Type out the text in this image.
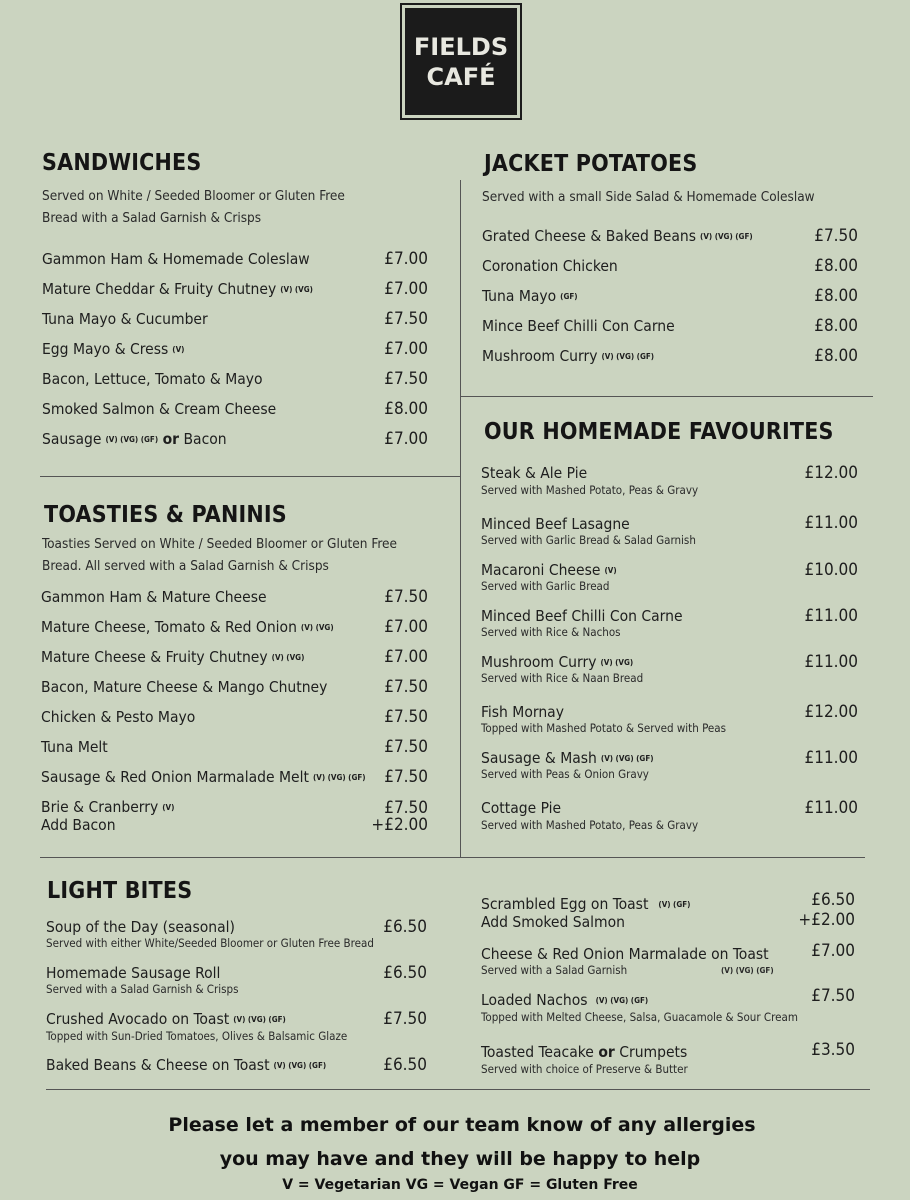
FIELDS
CAFÉ
SANDWICHES
Served on White / Seeded Bloomer or Gluten Free
Bread with a Salad Garnish & Crisps
Gammon Ham & Homemade Coleslaw	£7.00
Mature Cheddar & Fruity Chutney (V) (VG)	£7.00
Tuna Mayo & Cucumber	£7.50
Egg Mayo & Cress (V)	£7.00
Bacon, Lettuce, Tomato & Mayo	£7.50
Smoked Salmon & Cream Cheese	£8.00
Sausage (V) (VG) (GF) or Bacon	£7.00
TOASTIES & PANINIS
Toasties Served on White / Seeded Bloomer or Gluten Free
Bread. All served with a Salad Garnish & Crisps
Gammon Ham & Mature Cheese	£7.50
Mature Cheese, Tomato & Red Onion (V) (VG)	£7.00
Mature Cheese & Fruity Chutney (V) (VG)	£7.00
Bacon, Mature Cheese & Mango Chutney	£7.50
Chicken & Pesto Mayo	£7.50
Tuna Melt	£7.50
Sausage & Red Onion Marmalade Melt (V) (VG) (GF) £7.50
Brie & Cranberry (V)	£7.50
Add Bacon	+£2.00
JACKET POTATOES
Served with a small Side Salad & Homemade Coleslaw
Grated Cheese & Baked Beans (V) (VG) (GF)	£7.50
Coronation Chicken	£8.00
Tuna Mayo (GF)	£8.00
Mince Beef Chilli Con Carne	£8.00
Mushroom Curry (V) (VG) (GF)	£8.00
OUR HOMEMADE FAVOURITES
Steak & Ale Pie
Served with Mashed Potato, Peas & Gravy
£12.00
Minced Beef Lasagne
Served with Garlic Bread & Salad Garnish
£11.00
Macaroni Cheese (V)
Served with Garlic Bread
£10.00
Minced Beef Chilli Con Carne
Served with Rice & Nachos
£11.00
Mushroom Curry (V) (VG)
Served with Rice & Naan Bread
£11.00
Fish Mornay
Topped with Mashed Potato & Served with Peas
£12.00
Sausage & Mash (V) (VG) (GF)
Served with Peas & Onion Gravy
£11.00
Cottage Pie
Served with Mashed Potato, Peas & Gravy
£11.00
LIGHT BITES
Soup of the Day (seasonal)
Served with either White/Seeded Bloomer or Gluten Free Bread
£6.50
Homemade Sausage Roll
Served with a Salad Garnish & Crisps
£6.50
Crushed Avocado on Toast (V) (VG) (GF)
Topped with Sun-Dried Tomatoes, Olives & Balsamic Glaze
£7.50
Baked Beans & Cheese on Toast (V) (VG) (GF)	£6.50
Scrambled Egg on Toast (V) (GF)	£6.50
Add Smoked Salmon	+£2.00
Cheese & Red Onion Marmalade on Toast
Served with a Salad Garnish	(V) (VG) (GF)
£7.00
Loaded Nachos (V) (VG) (GF)
Topped with Melted Cheese, Salsa, Guacamole & Sour Cream
£7.50
Toasted Teacake or Crumpets
Served with choice of Preserve & Butter
£3.50
Please let a member of our team know of any allergies
you may have and they will be happy to help
V = Vegetarian VG = Vegan GF = Gluten Free
